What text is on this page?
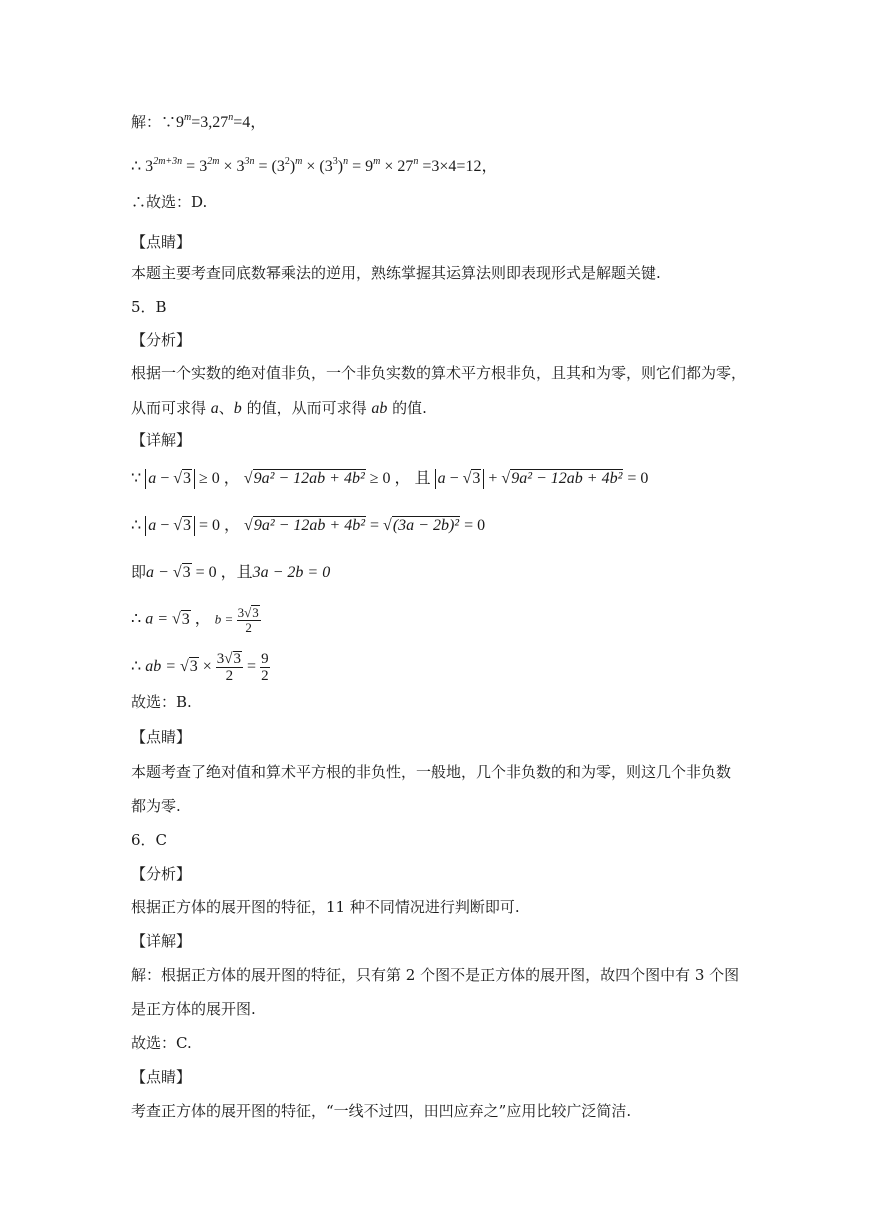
解：$\because 9^m=3,27^n=4$，
∴ $3^{2m+3n} = 3^{2m} \times 3^{3n} = (3^2)^m \times (3^3)^n = 9^m \times 27^n =3\times 4=12$，
∴故选：D.
【点睛】
本题主要考查同底数幂乘法的逆用，熟练掌握其运算法则即表现形式是解题关键.
5．B
【分析】
根据一个实数的绝对值非负，一个非负实数的算术平方根非负，且其和为零，则它们都为零，
从而可求得 a、b 的值，从而可求得 ab 的值.
【详解】
∵ a − √3 ≥ 0 ， √9a² − 12ab + 4b² ≥ 0 ， 且 a − √3 + √9a² − 12ab + 4b² = 0
∴ a − √3 = 0 ， √9a² − 12ab + 4b² = √(3a − 2b)² = 0
即a − √3 = 0 ，且3a − 2b = 0
∴ a = √3 ， $b = \frac{3√3}{2}$
∴ ab = $√3 \times \frac{3√3}{2} = \frac{9}{2}$
故选：B.
【点睛】
本题考查了绝对值和算术平方根的非负性，一般地，几个非负数的和为零，则这几个非负数
都为零.
6．C
【分析】
根据正方体的展开图的特征，11 种不同情况进行判断即可.
【详解】
解：根据正方体的展开图的特征，只有第 2 个图不是正方体的展开图，故四个图中有 3 个图
是正方体的展开图.
故选：C.
【点睛】
考查正方体的展开图的特征，“一线不过四，田凹应弃之”应用比较广泛简洁.
